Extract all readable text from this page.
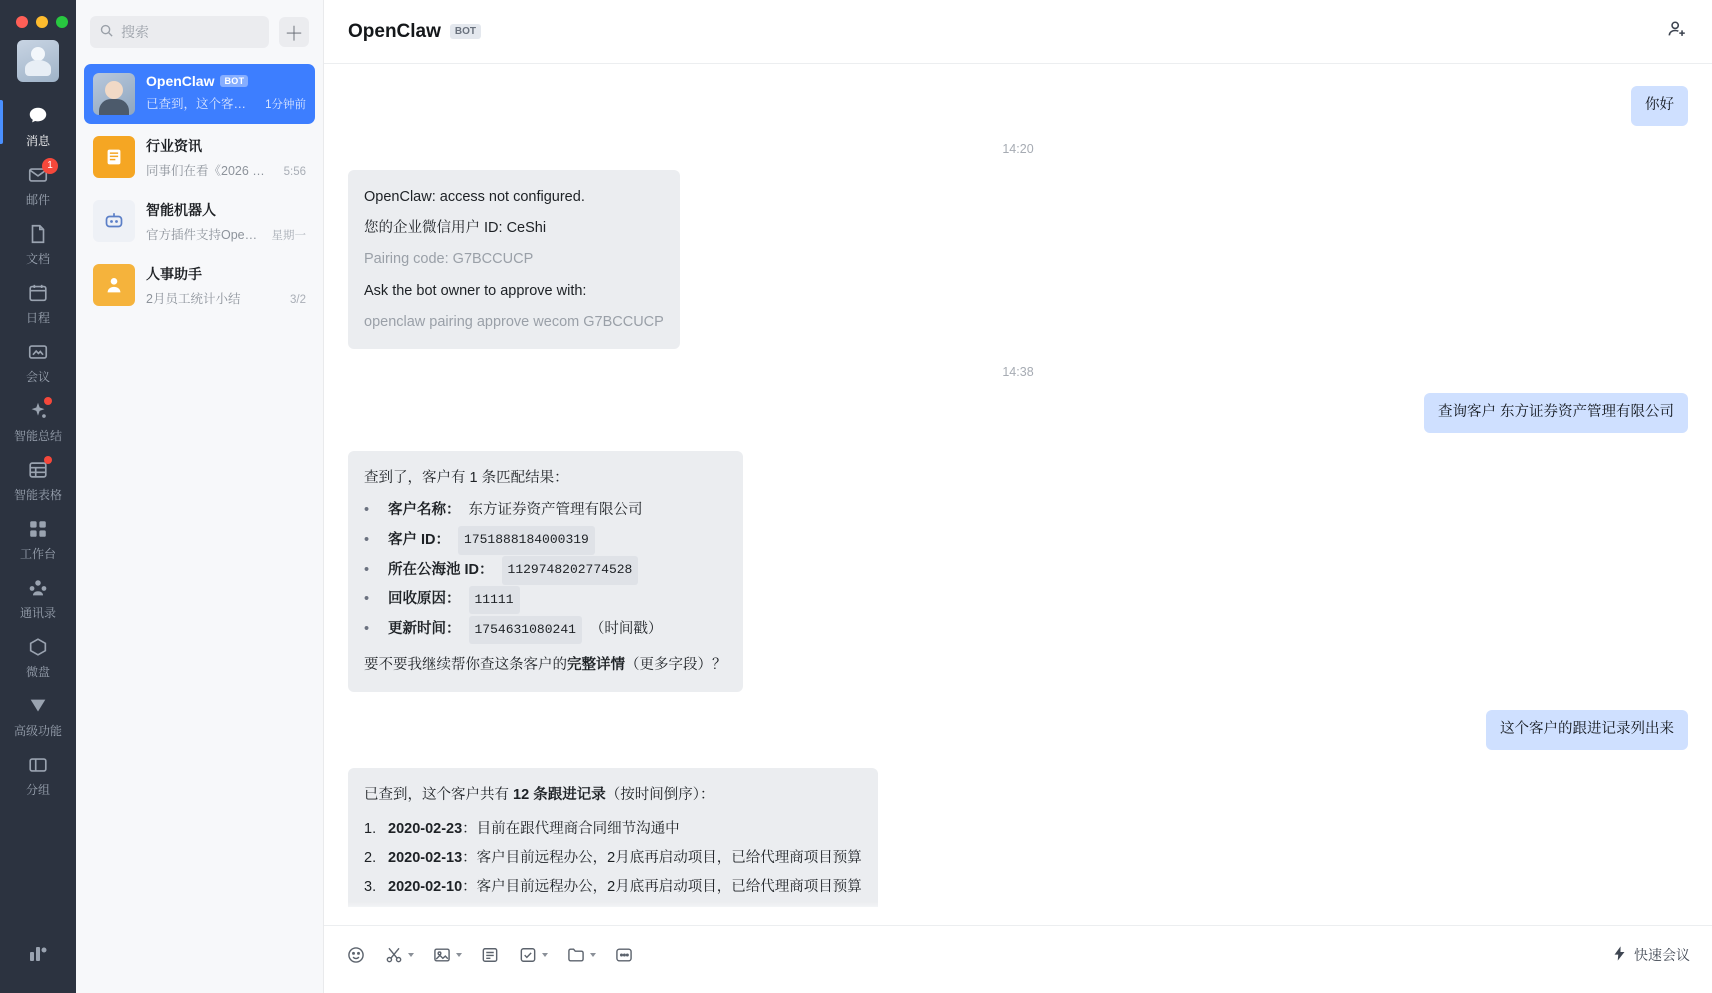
消息
1
邮件
文档
日程
会议
智能总结
智能表格
工作台
通讯录
微盘
高级功能
分组
搜索	＋
OpenClaw	BOT
已查到，这个客…	1分钟前
行业资讯
同事们在看《2026 …	5:56
智能机器人
官方插件支持Ope…	星期一
人事助手
2月员工统计小结	3/2
OpenClaw	BOT
你好
14:20

OpenClaw: access not configured.

您的企业微信用户 ID: CeShi

Pairing code: G7BCCUCP

Ask the bot owner to approve with:

openclaw pairing approve wecom G7BCCUCP

14:38
查询客户 东方证券资产管理有限公司

查到了，客户有 1 条匹配结果：

• 客户名称： 东方证券资产管理有限公司
• 客户 ID：	1751888184000319
• 所在公海池 ID：	1129748202774528
• 回收原因：	11111
• 更新时间：	1754631080241 （时间戳）

要不要我继续帮你查这条客户的完整详情（更多字段）？

这个客户的跟进记录列出来

已查到，这个客户共有 12 条跟进记录（按时间倒序）：

2020-02-23：目前在跟代理商合同细节沟通中
2020-02-13：客户目前远程办公，2月底再启动项目，已给代理商项目预算
2020-02-10：客户目前远程办公，2月底再启动项目，已给代理商项目预算
快速会议
